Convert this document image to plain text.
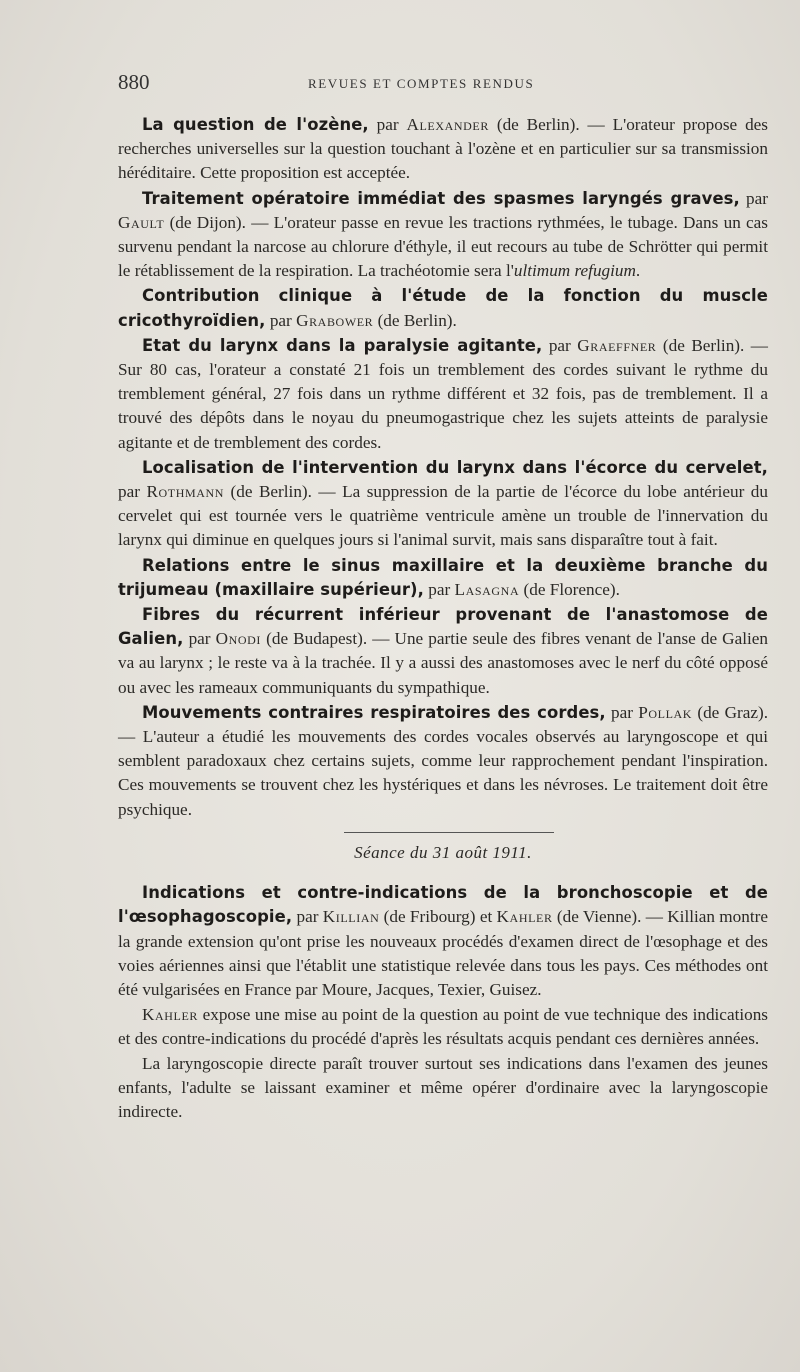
880	REVUES ET COMPTES RENDUS

La question de l'ozène, par Alexander (de Berlin). — L'orateur propose des recherches universelles sur la question touchant à l'ozène et en particulier sur sa transmission héréditaire. Cette proposition est acceptée.

Traitement opératoire immédiat des spasmes laryngés graves, par Gault (de Dijon). — L'orateur passe en revue les tractions rythmées, le tubage. Dans un cas survenu pendant la narcose au chlorure d'éthyle, il eut recours au tube de Schrötter qui permit le rétablissement de la respiration. La trachéotomie sera l'ultimum refugium.

Contribution clinique à l'étude de la fonction du muscle cricothyroïdien, par Grabower (de Berlin).

Etat du larynx dans la paralysie agitante, par Graeffner (de Berlin). — Sur 80 cas, l'orateur a constaté 21 fois un tremblement des cordes suivant le rythme du tremblement général, 27 fois dans un rythme différent et 32 fois, pas de tremblement. Il a trouvé des dépôts dans le noyau du pneumogastrique chez les sujets atteints de paralysie agitante et de tremblement des cordes.

Localisation de l'intervention du larynx dans l'écorce du cervelet, par Rothmann (de Berlin). — La suppression de la partie de l'écorce du lobe antérieur du cervelet qui est tournée vers le quatrième ventricule amène un trouble de l'innervation du larynx qui diminue en quelques jours si l'animal survit, mais sans disparaître tout à fait.

Relations entre le sinus maxillaire et la deuxième branche du trijumeau (maxillaire supérieur), par Lasagna (de Florence).

Fibres du récurrent inférieur provenant de l'anastomose de Galien, par Onodi (de Budapest). — Une partie seule des fibres venant de l'anse de Galien va au larynx ; le reste va à la trachée. Il y a aussi des anastomoses avec le nerf du côté opposé ou avec les rameaux communiquants du sympathique.

Mouvements contraires respiratoires des cordes, par Pollak (de Graz). — L'auteur a étudié les mouvements des cordes vocales observés au laryngoscope et qui semblent paradoxaux chez certains sujets, comme leur rapprochement pendant l'inspiration. Ces mouvements se trouvent chez les hystériques et dans les névroses. Le traitement doit être psychique.

Séance du 31 août 1911.

Indications et contre-indications de la bronchoscopie et de l'œsophagoscopie, par Killian (de Fribourg) et Kahler (de Vienne). — Killian montre la grande extension qu'ont prise les nouveaux procédés d'examen direct de l'œsophage et des voies aériennes ainsi que l'établit une statistique relevée dans tous les pays. Ces méthodes ont été vulgarisées en France par Moure, Jacques, Texier, Guisez.

Kahler expose une mise au point de la question au point de vue technique des indications et des contre-indications du procédé d'après les résultats acquis pendant ces dernières années.

La laryngoscopie directe paraît trouver surtout ses indications dans l'examen des jeunes enfants, l'adulte se laissant examiner et même opérer d'ordinaire avec la laryngoscopie indirecte.
